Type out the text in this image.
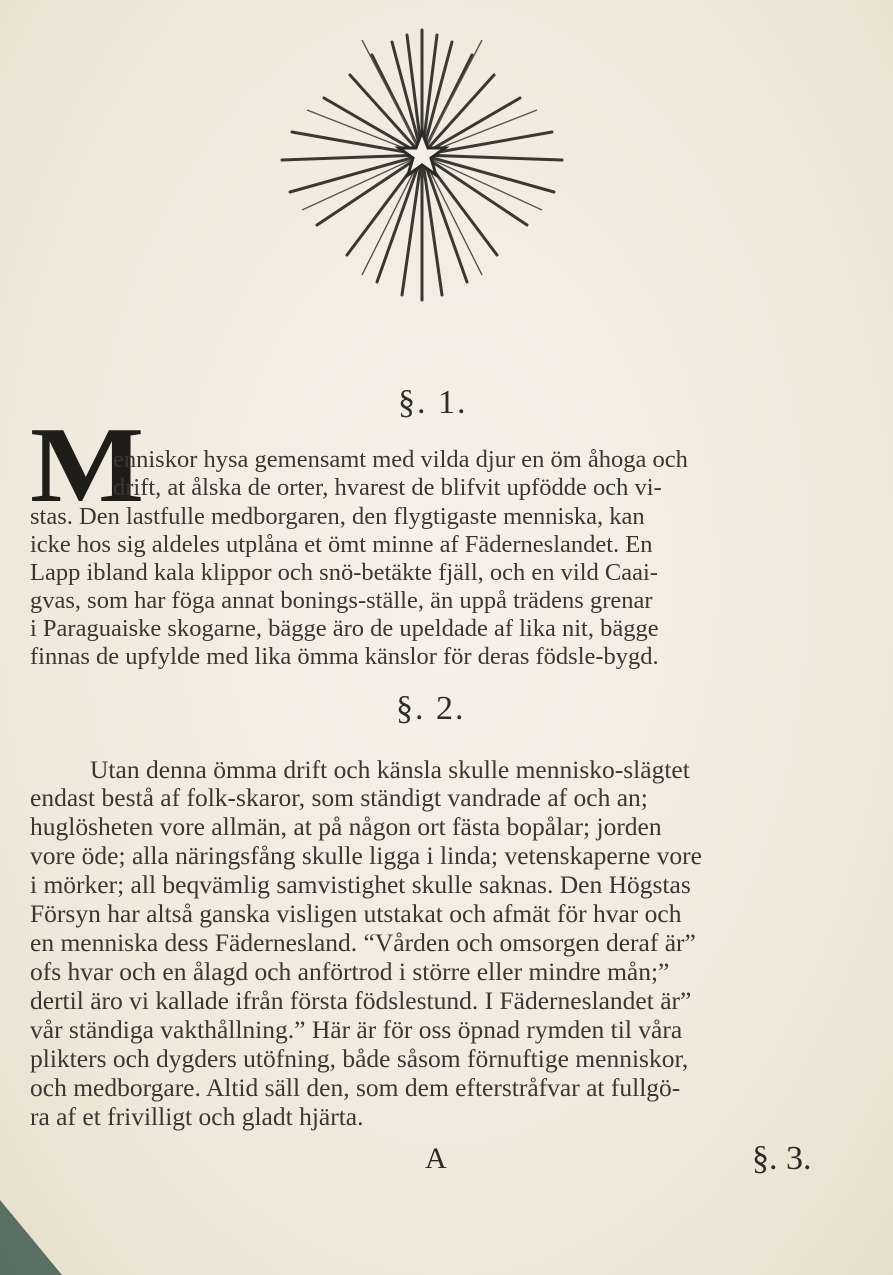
§. 1.
M
enniskor hysa gemensamt med vilda djur en öm åhoga och
drift, at ålska de orter, hvarest de blifvit upfödde och vi-
stas. Den lastfulle medborgaren, den flygtigaste menniska, kan
icke hos sig aldeles utplåna et ömt minne af Fäderneslandet. En
Lapp ibland kala klippor och snö-betäkte fjäll, och en vild Caai-
gvas, som har föga annat bonings-ställe, än uppå trädens grenar
i Paraguaiske skogarne, bägge äro de upeldade af lika nit, bägge
finnas de upfylde med lika ömma känslor för deras födsle-bygd.
§. 2.
Utan denna ömma drift och känsla skulle mennisko-slägtet
endast bestå af folk-skaror, som ständigt vandrade af och an;
huglösheten vore allmän, at på någon ort fästa bopålar; jorden
vore öde; alla näringsfång skulle ligga i linda; vetenskaperne vore
i mörker; all beqvämlig samvistighet skulle saknas. Den Högstas
Försyn har altså ganska visligen utstakat och afmät för hvar och
en menniska dess Fädernesland. “Vården och omsorgen deraf är”
ofs hvar och en ålagd och anförtrod i större eller mindre mån;”
dertil äro vi kallade ifrån första födslestund. I Fäderneslandet är”
vår ständiga vakthållning.” Här är för oss öpnad rymden til våra
plikters och dygders utöfning, både såsom förnuftige menniskor,
och medborgare. Altid säll den, som dem efterstråfvar at fullgö-
ra af et frivilligt och gladt hjärta.
A	§. 3.
